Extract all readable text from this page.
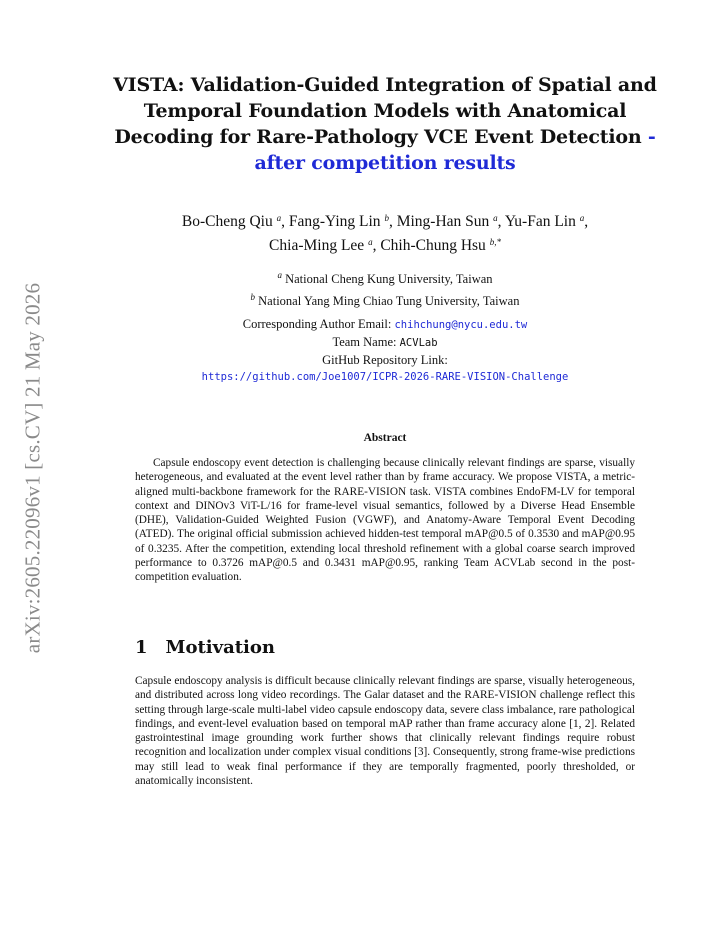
arXiv:2605.22096v1 [cs.CV] 21 May 2026
VISTA: Validation-Guided Integration of Spatial and Temporal Foundation Models with Anatomical Decoding for Rare-Pathology VCE Event Detection - after competition results
Bo-Cheng Qiu $^a$, Fang-Ying Lin $^b$, Ming-Han Sun $^a$, Yu-Fan Lin $^a$,
Chia-Ming Lee $^a$, Chih-Chung Hsu $^{b,*}$
$^a$ National Cheng Kung University, Taiwan
$^b$ National Yang Ming Chiao Tung University, Taiwan
Corresponding Author Email: chihchung@nycu.edu.tw
Team Name: ACVLab
GitHub Repository Link:
https://github.com/Joe1007/ICPR-2026-RARE-VISION-Challenge
Abstract
Capsule endoscopy event detection is challenging because clinically relevant findings are sparse, visually heterogeneous, and evaluated at the event level rather than by frame accuracy. We propose VISTA, a metric-aligned multi-backbone framework for the RARE-VISION task. VISTA combines EndoFM-LV for temporal context and DINOv3 ViT-L/16 for frame-level visual semantics, followed by a Diverse Head Ensemble (DHE), Validation-Guided Weighted Fusion (VGWF), and Anatomy-Aware Temporal Event Decoding (ATED). The original official submission achieved hidden-test temporal mAP@0.5 of 0.3530 and mAP@0.95 of 0.3235. After the competition, extending local threshold refinement with a global coarse search improved performance to 0.3726 mAP@0.5 and 0.3431 mAP@0.95, ranking Team ACVLab second in the post-competition evaluation.
1 Motivation
Capsule endoscopy analysis is difficult because clinically relevant findings are sparse, visually heterogeneous, and distributed across long video recordings. The Galar dataset and the RARE-VISION challenge reflect this setting through large-scale multi-label video capsule endoscopy data, severe class imbalance, rare pathological findings, and event-level evaluation based on temporal mAP rather than frame accuracy alone [1, 2]. Related gastrointestinal image grounding work further shows that clinically relevant findings require robust recognition and localization under complex visual conditions [3]. Consequently, strong frame-wise predictions may still lead to weak final performance if they are temporally fragmented, poorly thresholded, or anatomically inconsistent.
